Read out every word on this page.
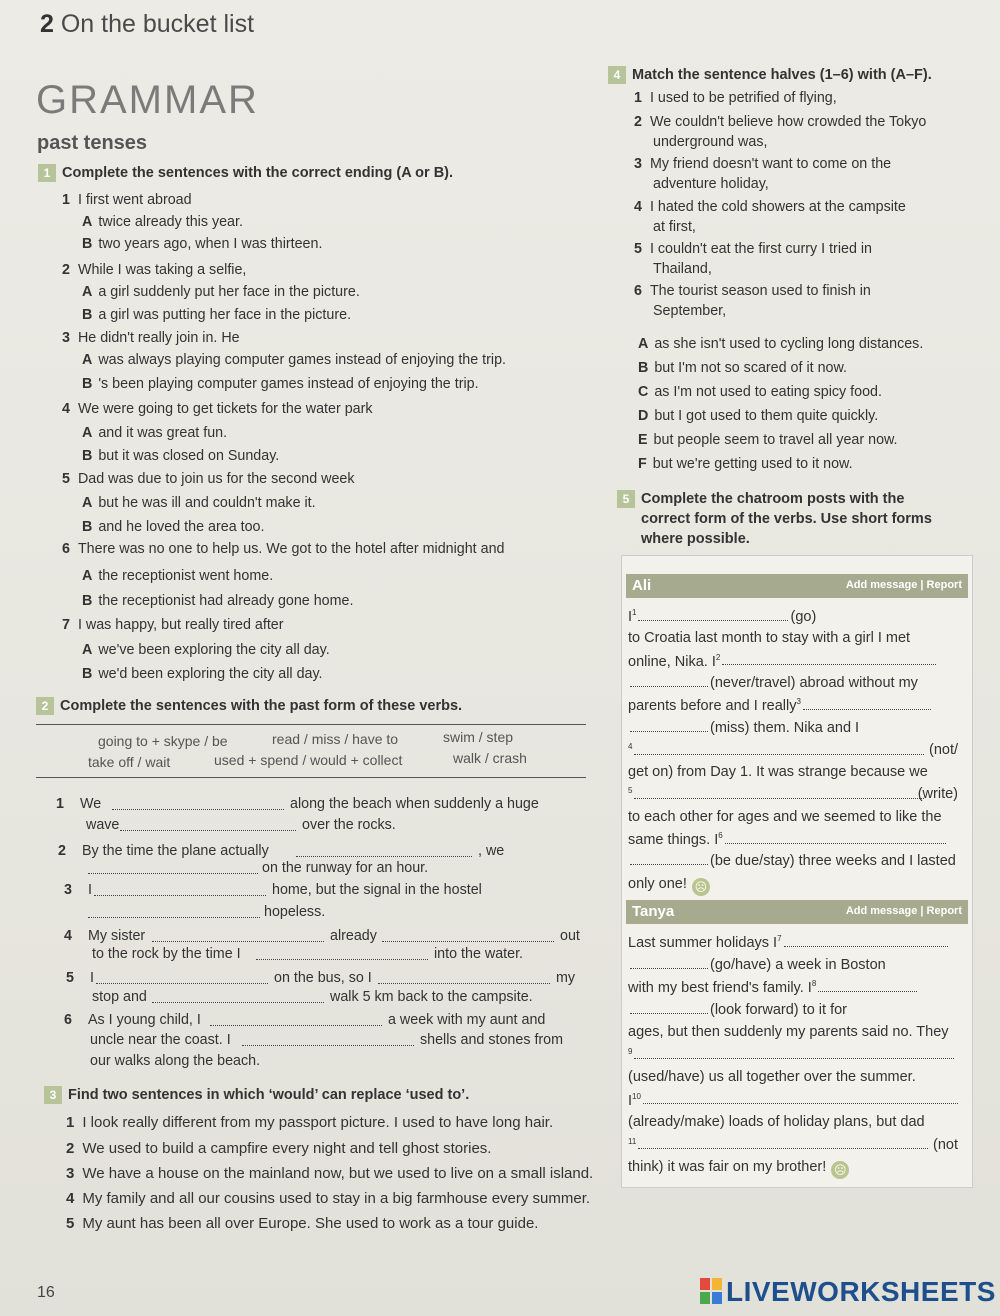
2 On the bucket list
GRAMMAR
past tenses
1 Complete the sentences with the correct ending (A or B).
1 I first went abroad
A twice already this year.
B two years ago, when I was thirteen.
2 While I was taking a selfie,
A a girl suddenly put her face in the picture.
B a girl was putting her face in the picture.
3 He didn't really join in. He
A was always playing computer games instead of enjoying the trip.
B 's been playing computer games instead of enjoying the trip.
4 We were going to get tickets for the water park
A and it was great fun.
B but it was closed on Sunday.
5 Dad was due to join us for the second week
A but he was ill and couldn't make it.
B and he loved the area too.
6 There was no one to help us. We got to the hotel after midnight and
A the receptionist went home.
B the receptionist had already gone home.
7 I was happy, but really tired after
A we've been exploring the city all day.
B we'd been exploring the city all day.
2 Complete the sentences with the past form of these verbs.
going to + skype / be	read / miss / have to	swim / step
take off / wait	used + spend / would + collect	walk / crash
1 We	along the beach when suddenly a huge
wave	over the rocks.
2 By the time the plane actually	, we
on the runway for an hour.
3 I	home, but the signal in the hostel
hopeless.
4 My sister	already	out
to the rock by the time I	into the water.
5 I	on the bus, so I	my
stop and	walk 5 km back to the campsite.
6 As I young child, I	a week with my aunt and
uncle near the coast. I	shells and stones from
our walks along the beach.
3 Find two sentences in which ‘would’ can replace ‘used to’.
1 I look really different from my passport picture. I used to have long hair.
2 We used to build a campfire every night and tell ghost stories.
3 We have a house on the mainland now, but we used to live on a small island.
4 My family and all our cousins used to stay in a big farmhouse every summer.
5 My aunt has been all over Europe. She used to work as a tour guide.
4 Match the sentence halves (1–6) with (A–F).
1 I used to be petrified of flying,
2 We couldn't believe how crowded the Tokyo
underground was,
3 My friend doesn't want to come on the
adventure holiday,
4 I hated the cold showers at the campsite
at first,
5 I couldn't eat the first curry I tried in
Thailand,
6 The tourist season used to finish in
September,
A as she isn't used to cycling long distances.
B but I'm not so scared of it now.
C as I'm not used to eating spicy food.
D but I got used to them quite quickly.
E but people seem to travel all year now.
F but we're getting used to it now.
5 Complete the chatroom posts with the
correct form of the verbs. Use short forms
where possible.
Ali	Add message | Report
$I^1$	(go)
to Croatia last month to stay with a girl I met
online, Nika. $I^2$
(never/travel) abroad without my
parents before and I really$^3$
(miss) them. Nika and I
$^4$	(not/
get on) from Day 1. It was strange because we
$^5$	(write)
to each other for ages and we seemed to like the
same things. $I^6$
(be due/stay) three weeks and I lasted
only one! ☹
Tanya	Add message | Report
Last summer holidays $I^7$
(go/have) a week in Boston
with my best friend's family. $I^8$
(look forward) to it for
ages, but then suddenly my parents said no. They
$^9$
(used/have) us all together over the summer.
$I^{10}$
(already/make) loads of holiday plans, but dad
$^{11}$	(not
think) it was fair on my brother! ☹
16	LIVEWORKSHEETS
